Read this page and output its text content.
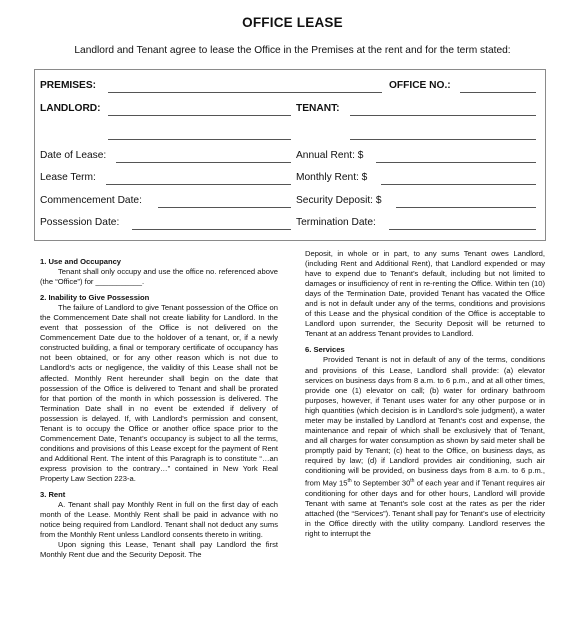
OFFICE LEASE
Landlord and Tenant agree to lease the Office in the Premises at the rent and for the term stated:
PREMISES:	OFFICE NO.:
LANDLORD:	TENANT:
Date of Lease:	Annual Rent: $
Lease Term:	Monthly Rent: $
Commencement Date:	Security Deposit: $
Possession Date:	Termination Date:
1. Use and Occupancy
Tenant shall only occupy and use the office no. referenced above (the “Office”) for ___________.
2. Inability to Give Possession
The failure of Landlord to give Tenant possession of the Office on the Commencement Date shall not create liability for Landlord. In the event that possession of the Office is not delivered on the Commencement Date due to the holdover of a tenant, or, if a newly constructed building, a final or temporary certificate of occupancy has not been obtained, or for any other reason which is not due to Landlord’s acts or negligence, the validity of this Lease shall not be affected. Monthly Rent hereunder shall begin on the date that possession of the Office is delivered to Tenant and shall be prorated for that portion of the month in which possession is delivered. The Termination Date shall in no event be extended if delivery of possession is delayed. If, with Landlord’s permission and consent, Tenant is to occupy the Office or another office space prior to the Commencement Date, Tenant’s occupancy is subject to all the terms, conditions and provisions of this Lease except for the payment of Rent and Additional Rent. The intent of this Paragraph is to constitute “…an express provision to the contrary…” contained in New York Real Property Law Section 223-a.
3. Rent
A. Tenant shall pay Monthly Rent in full on the first day of each month of the Lease. Monthly Rent shall be paid in advance with no notice being required from Landlord. Tenant shall not deduct any sums from the Monthly Rent unless Landlord consents thereto in writing.
Upon signing this Lease, Tenant shall pay Landlord the first Monthly Rent due and the Security Deposit. The
Deposit, in whole or in part, to any sums Tenant owes Landlord, (including Rent and Additional Rent), that Landlord expended or may have to expend due to Tenant’s default, including but not limited to damages or insufficiency of rent in re-renting the Office. Within ten (10) days of the Termination Date, provided Tenant has vacated the Office and is not in default under any of the terms, conditions and provisions of this Lease and the physical condition of the Office is acceptable to Landlord upon surrender, the Security Deposit will be returned to Tenant at an address Tenant provides to Landlord.
6. Services
Provided Tenant is not in default of any of the terms, conditions and provisions of this Lease, Landlord shall provide: (a) elevator services on business days from 8 a.m. to 6 p.m., and at all other times, provide one (1) elevator on call; (b) water for ordinary bathroom purposes, however, if Tenant uses water for any other purpose or in high quantities (which decision is in Landlord’s sole judgment), a water meter may be installed by Landlord at Tenant’s cost and expense, the maintenance and repair of which shall be exclusively that of Tenant, and all charges for water consumption as shown by said meter shall be promptly paid by Tenant; (c) heat to the Office, on business days, as required by law; (d) if Landlord provides air conditioning, such air conditioning will be provided, on business days from 8 a.m. to 6 p.m., from May 15th to September 30th of each year and if Tenant requires air conditioning for other days and for other hours, Landlord will provide Tenant with same at Tenant’s sole cost at the rates as per the rider attached (the “Services”). Tenant shall pay for Tenant’s use of electricity in the Office directly with the utility company. Landlord reserves the right to interrupt the
